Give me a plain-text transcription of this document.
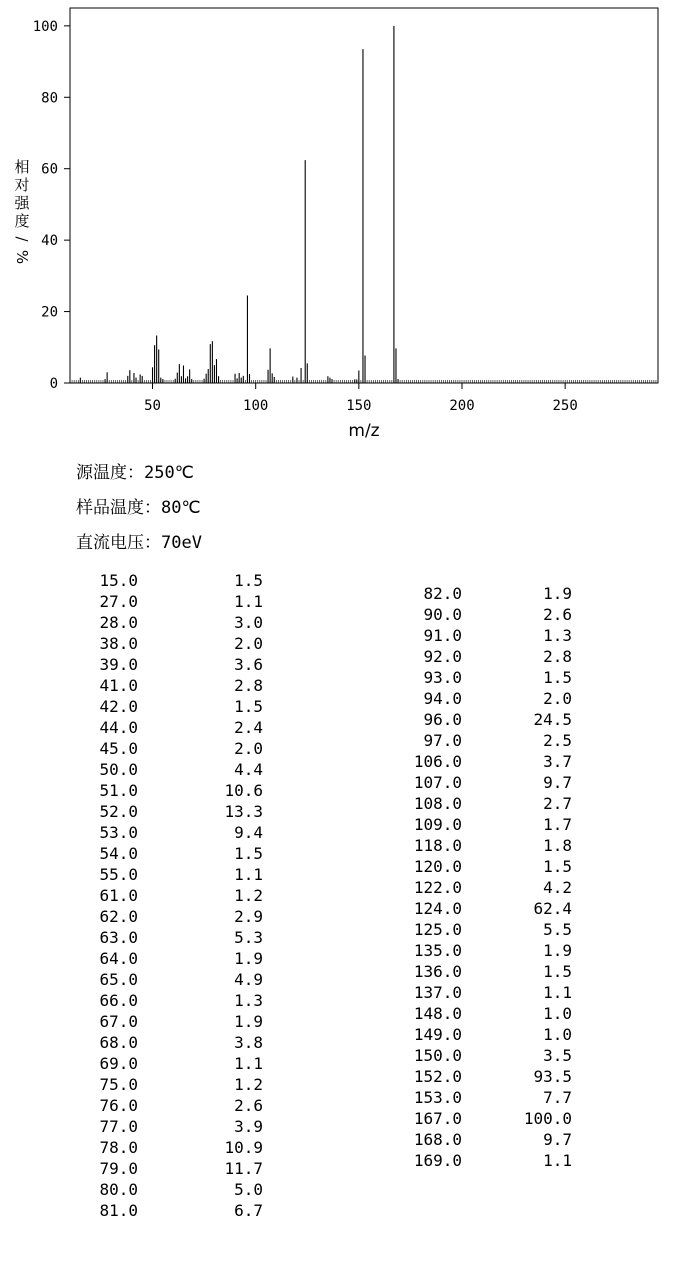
50	100	150	200	250
0
20
40
60
80
100
m/z
相
对
强
度
/
%
源温度：250℃
样品温度：80℃
直流电压：70eV
15.0	1.5
27.0	1.1
28.0	3.0
38.0	2.0
39.0	3.6
41.0	2.8
42.0	1.5
44.0	2.4
45.0	2.0
50.0	4.4
51.0	10.6
52.0	13.3
53.0	9.4
54.0	1.5
55.0	1.1
61.0	1.2
62.0	2.9
63.0	5.3
64.0	1.9
65.0	4.9
66.0	1.3
67.0	1.9
68.0	3.8
69.0	1.1
75.0	1.2
76.0	2.6
77.0	3.9
78.0	10.9
79.0	11.7
80.0	5.0
81.0	6.7
82.0	1.9
90.0	2.6
91.0	1.3
92.0	2.8
93.0	1.5
94.0	2.0
96.0	24.5
97.0	2.5
106.0	3.7
107.0	9.7
108.0	2.7
109.0	1.7
118.0	1.8
120.0	1.5
122.0	4.2
124.0	62.4
125.0	5.5
135.0	1.9
136.0	1.5
137.0	1.1
148.0	1.0
149.0	1.0
150.0	3.5
152.0	93.5
153.0	7.7
167.0	100.0
168.0	9.7
169.0	1.1
